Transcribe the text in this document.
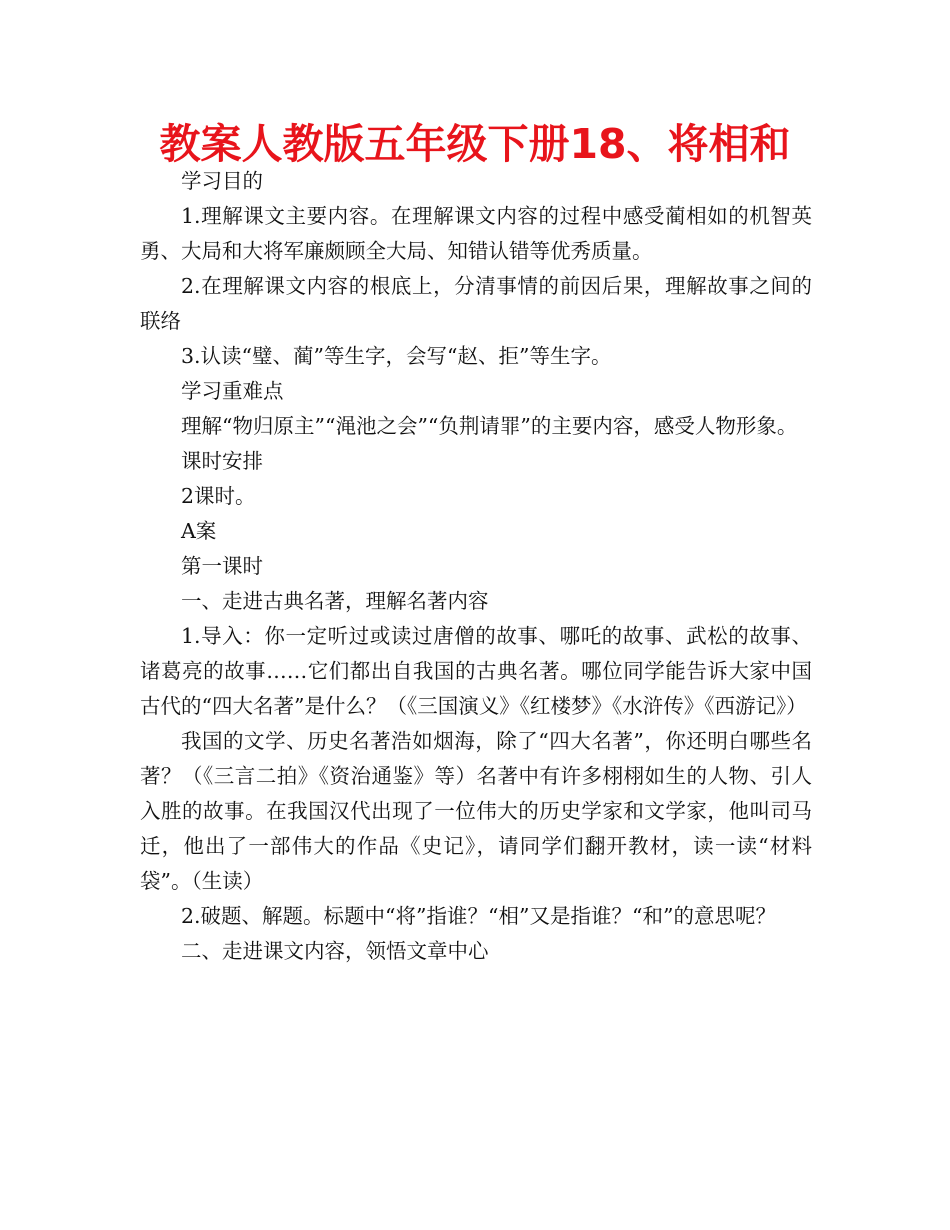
教案人教版五年级下册18、将相和

学习目的

1.理解课文主要内容。在理解课文内容的过程中感受蔺相如的机智英勇、大局和大将军廉颇顾全大局、知错认错等优秀质量。

2.在理解课文内容的根底上，分清事情的前因后果，理解故事之间的联络

3.认读“璧、蔺”等生字，会写“赵、拒”等生字。

学习重难点

理解“物归原主”“渑池之会”“负荆请罪”的主要内容，感受人物形象。

课时安排

2课时。

A案

第一课时

一、走进古典名著，理解名著内容

1.导入：你一定听过或读过唐僧的故事、哪吒的故事、武松的故事、诸葛亮的故事……它们都出自我国的古典名著。哪位同学能告诉大家中国古代的“四大名著”是什么？（《三国演义》《红楼梦》《水浒传》《西游记》）

我国的文学、历史名著浩如烟海，除了“四大名著”，你还明白哪些名著？（《三言二拍》《资治通鉴》等）名著中有许多栩栩如生的人物、引人入胜的故事。在我国汉代出现了一位伟大的历史学家和文学家，他叫司马迁，他出了一部伟大的作品《史记》，请同学们翻开教材，读一读“材料袋”。（生读）

2.破题、解题。标题中“将”指谁？“相”又是指谁？“和”的意思呢？

二、走进课文内容，领悟文章中心
